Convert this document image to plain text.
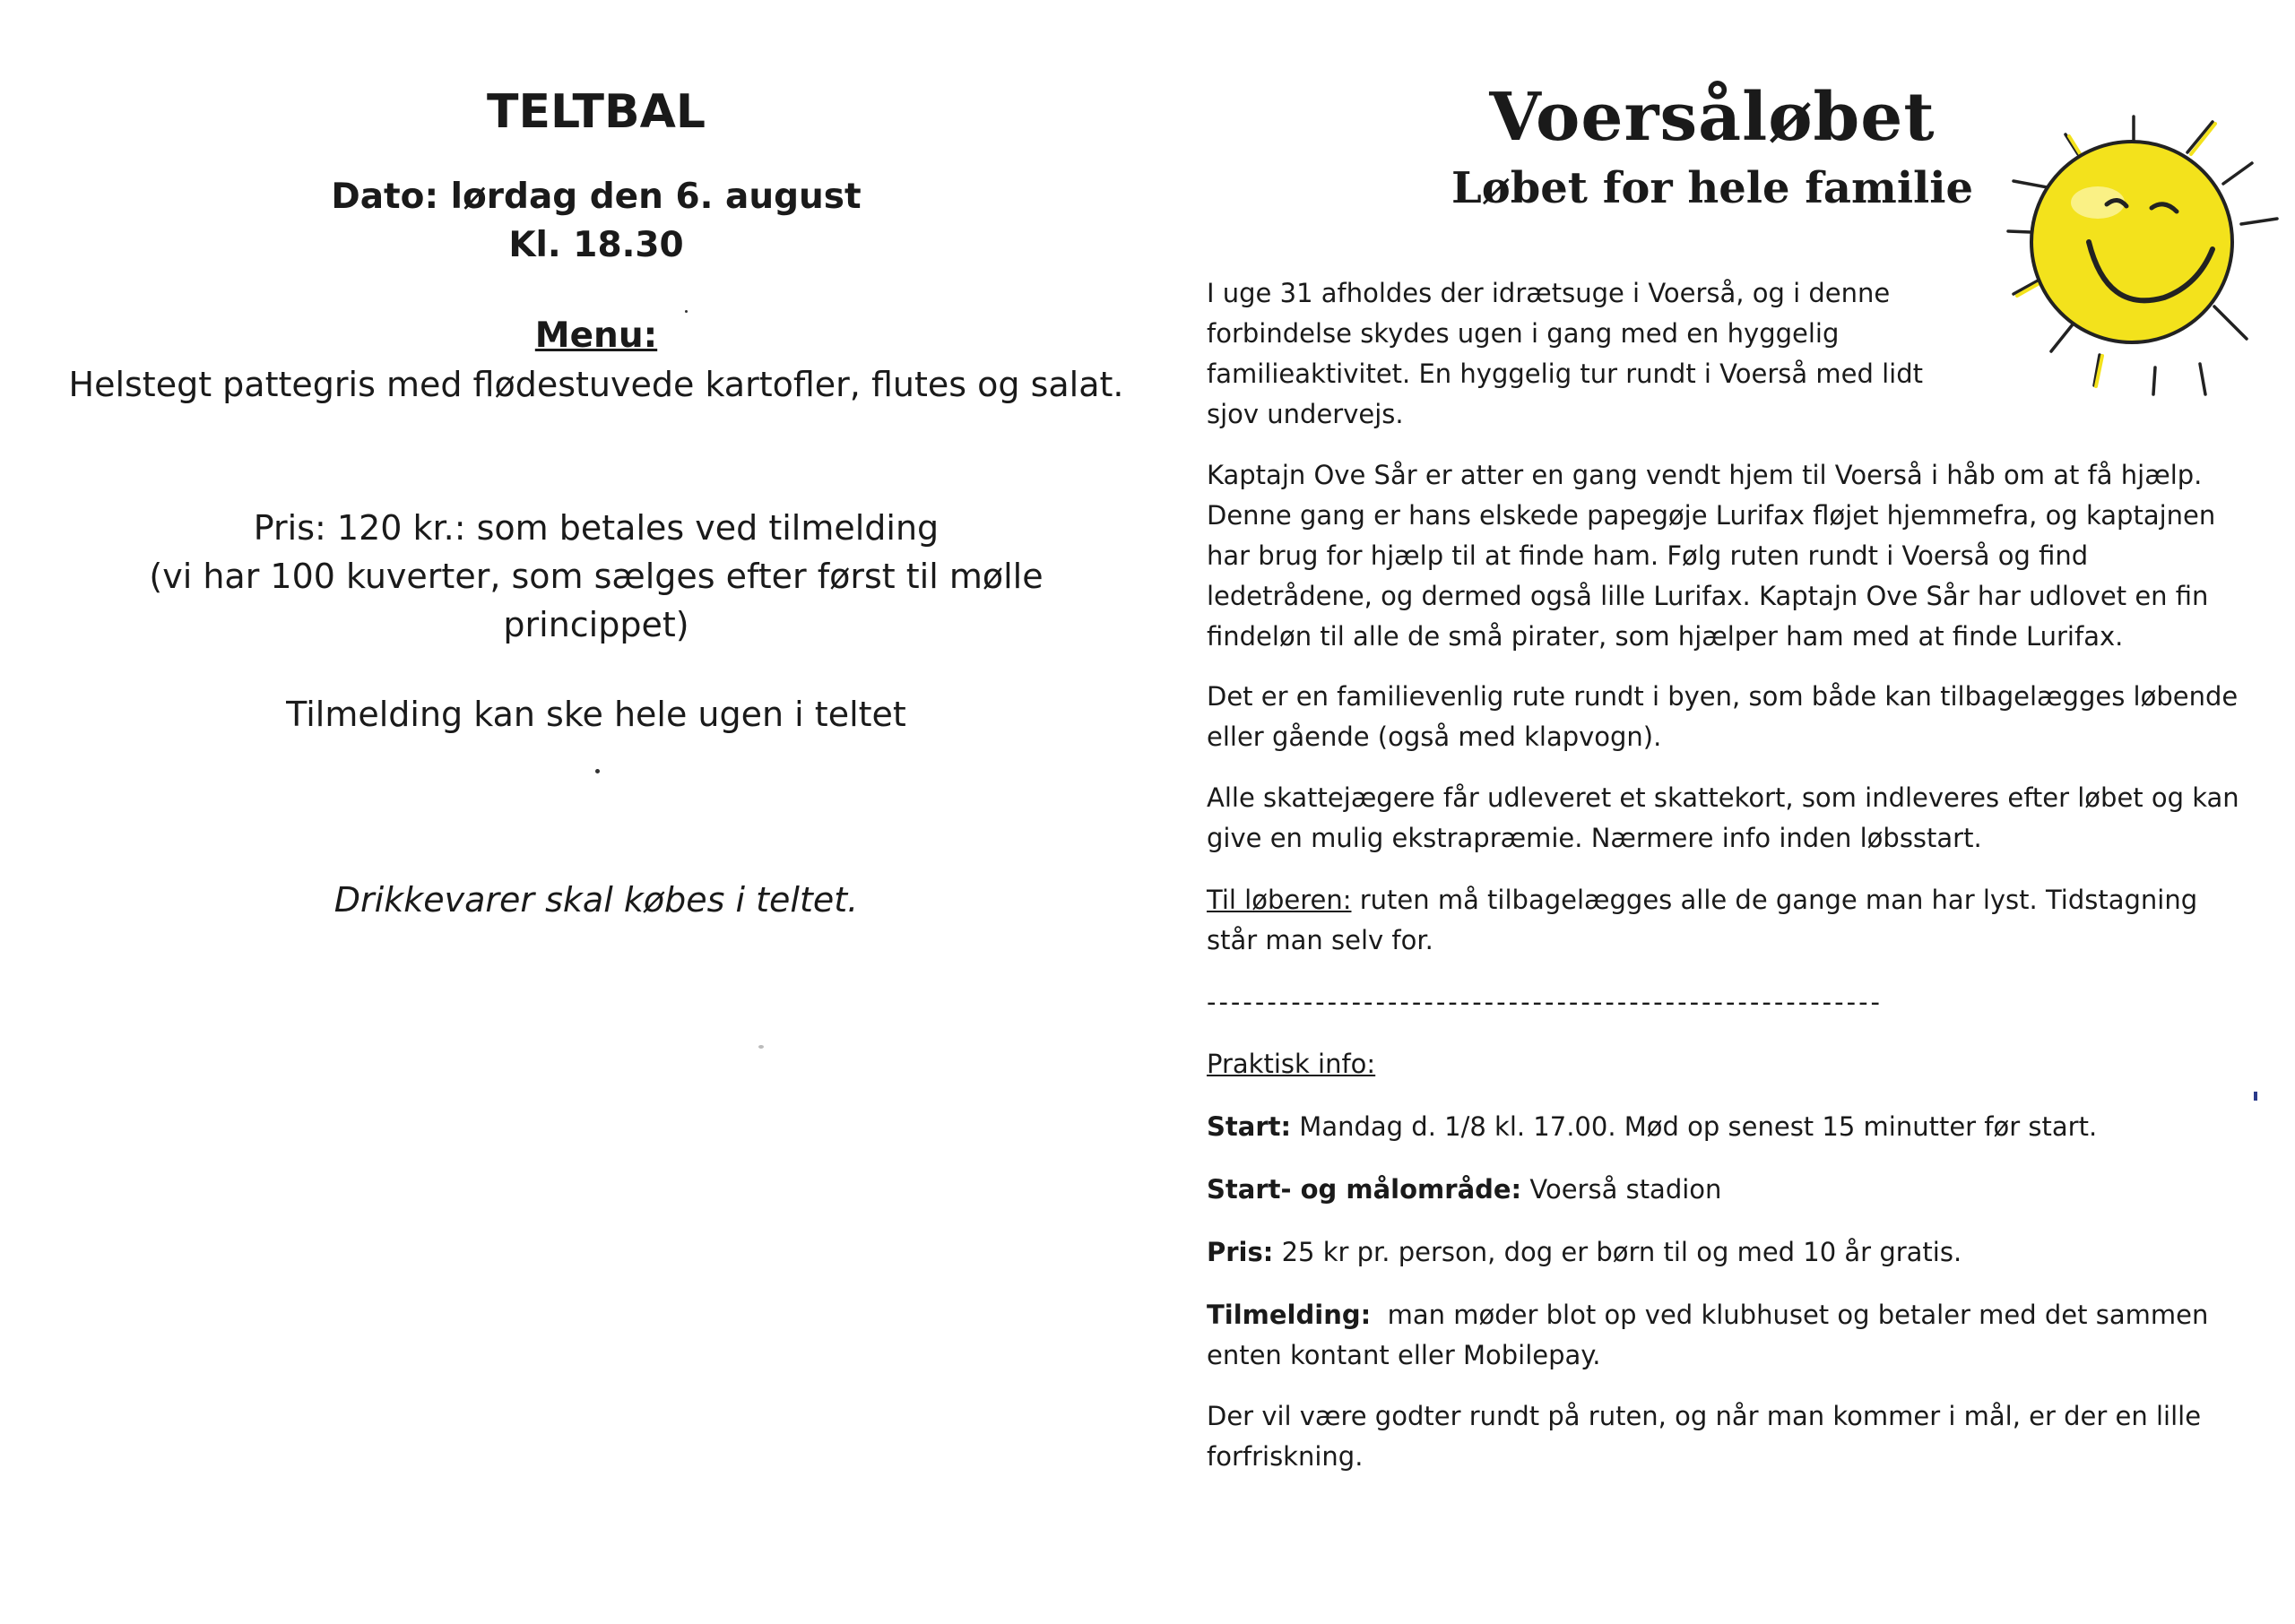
TELTBAL
Dato: lørdag den 6. august
Kl. 18.30
Menu:
Helstegt pattegris med flødestuvede kartofler, flutes og salat.
Pris: 120 kr.: som betales ved tilmelding
(vi har 100 kuverter, som sælges efter først til mølle princippet)
Tilmelding kan ske hele ugen i teltet
Drikkevarer skal købes i teltet.
Voersåløbet
Løbet for hele familie
I uge 31 afholdes der idrætsuge i Voerså, og i denne forbindelse skydes ugen i gang med en hyggelig familieaktivitet. En hyggelig tur rundt i Voerså med lidt sjov undervejs.

Kaptajn Ove Sår er atter en gang vendt hjem til Voerså i håb om at få hjælp. Denne gang er hans elskede papegøje Lurifax fløjet hjemmefra, og kaptajnen har brug for hjælp til at finde ham. Følg ruten rundt i Voerså og find ledetrådene, og dermed også lille Lurifax. Kaptajn Ove Sår har udlovet en fin findeløn til alle de små pirater, som hjælper ham med at finde Lurifax.

Det er en familievenlig rute rundt i byen, som både kan tilbagelægges løbende eller gående (også med klapvogn).

Alle skattejægere får udleveret et skattekort, som indleveres efter løbet og kan give en mulig ekstrapræmie. Nærmere info inden løbsstart.

Til løberen: ruten må tilbagelægges alle de gange man har lyst. Tidstagning står man selv for.

--------------------------------------------------------
Praktisk info:
Start: Mandag d. 1/8 kl. 17.00. Mød op senest 15 minutter før start.
Start- og målområde: Voerså stadion
Pris: 25 kr pr. person, dog er børn til og med 10 år gratis.
Tilmelding:  man møder blot op ved klubhuset og betaler med det sammen enten kontant eller Mobilepay.
Der vil være godter rundt på ruten, og når man kommer i mål, er der en lille forfriskning.
